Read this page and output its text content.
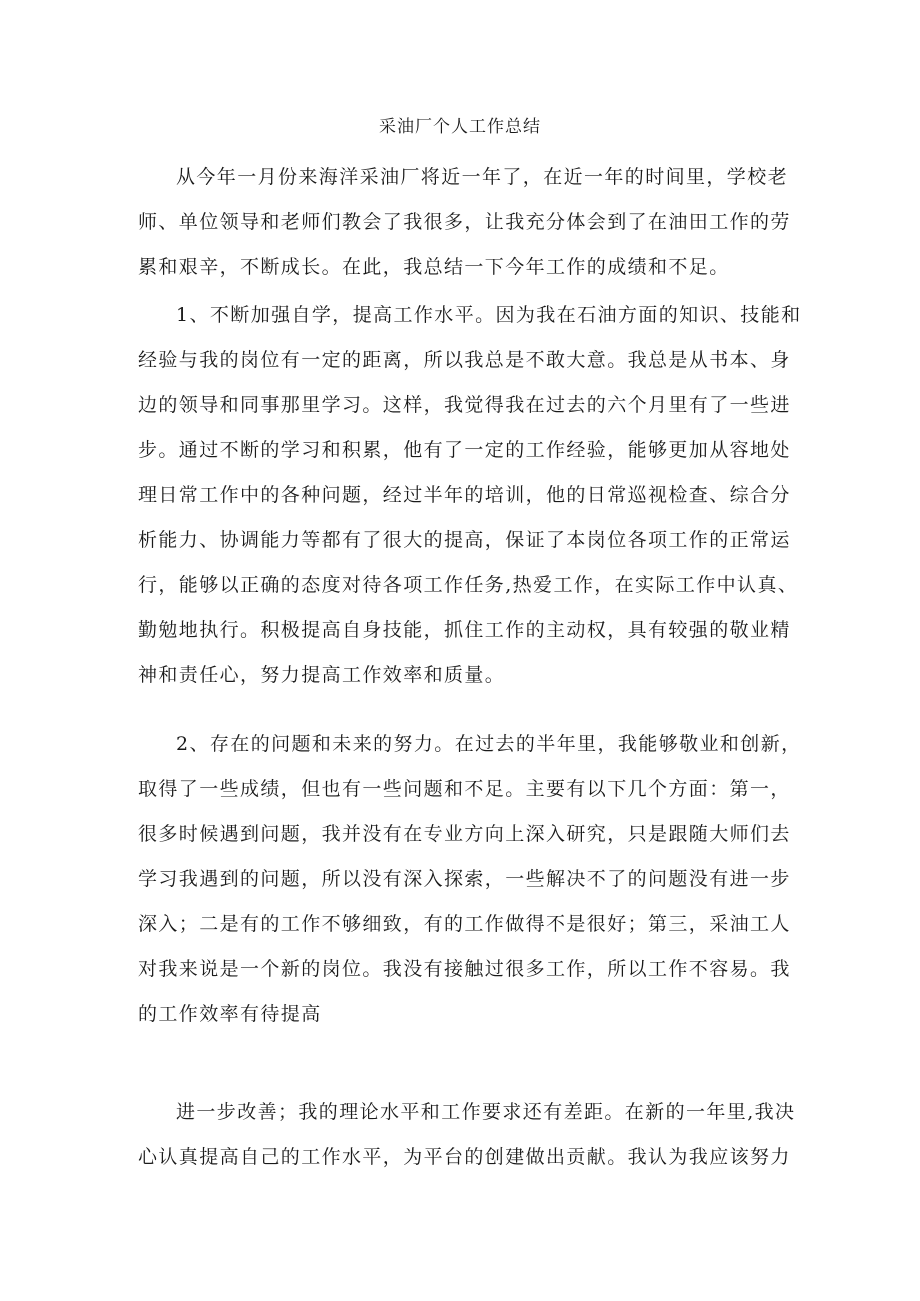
采油厂个人工作总结
从今年一月份来海洋采油厂将近一年了，在近一年的时间里，学校老
师、单位领导和老师们教会了我很多，让我充分体会到了在油田工作的劳
累和艰辛，不断成长。在此，我总结一下今年工作的成绩和不足。
1、不断加强自学，提高工作水平。因为我在石油方面的知识、技能和
经验与我的岗位有一定的距离，所以我总是不敢大意。我总是从书本、身
边的领导和同事那里学习。这样，我觉得我在过去的六个月里有了一些进
步。通过不断的学习和积累，他有了一定的工作经验，能够更加从容地处
理日常工作中的各种问题，经过半年的培训，他的日常巡视检查、综合分
析能力、协调能力等都有了很大的提高，保证了本岗位各项工作的正常运
行，能够以正确的态度对待各项工作任务,热爱工作，在实际工作中认真、
勤勉地执行。积极提高自身技能，抓住工作的主动权，具有较强的敬业精
神和责任心，努力提高工作效率和质量。
2、存在的问题和未来的努力。在过去的半年里，我能够敬业和创新，
取得了一些成绩，但也有一些问题和不足。主要有以下几个方面：第一，
很多时候遇到问题，我并没有在专业方向上深入研究，只是跟随大师们去
学习我遇到的问题，所以没有深入探索，一些解决不了的问题没有进一步
深入；二是有的工作不够细致，有的工作做得不是很好；第三，采油工人
对我来说是一个新的岗位。我没有接触过很多工作，所以工作不容易。我
的工作效率有待提高
进一步改善；我的理论水平和工作要求还有差距。在新的一年里,我决
心认真提高自己的工作水平，为平台的创建做出贡献。我认为我应该努力
